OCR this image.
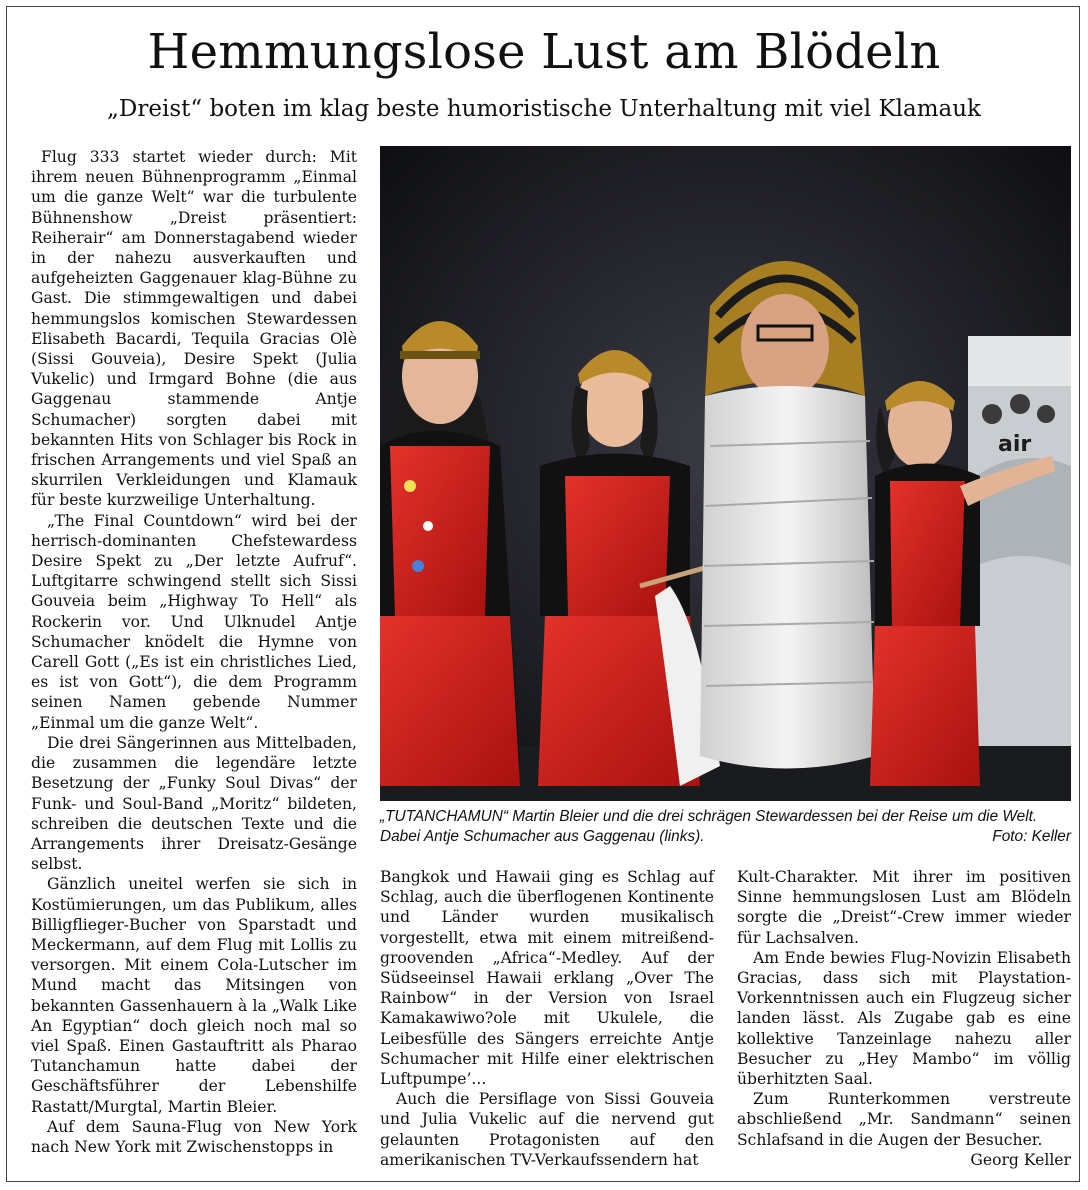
Hemmungslose Lust am Blödeln
„Dreist“ boten im klag beste humoristische Unterhaltung mit viel Klamauk

Flug 333 startet wieder durch: Mit ihrem neuen Bühnenprogramm „Einmal um die ganze Welt“ war die turbulente Bühnenshow „Dreist präsentiert: Reiherair“ am Donnerstagabend wieder in der nahezu ausverkauften und aufgeheizten Gaggenauer klag-Bühne zu Gast. Die stimmgewaltigen und dabei hemmungslos komischen Stewardessen Elisabeth Bacardi, Tequila Gracias Olè (Sissi Gouveia), Desire Spekt (Julia Vukelic) und Irmgard Bohne (die aus Gaggenau stammende Antje Schumacher) sorgten dabei mit bekannten Hits von Schlager bis Rock in frischen Arrangements und viel Spaß an skurrilen Verkleidungen und Klamauk für beste kurzweilige Unterhaltung.

„The Final Countdown“ wird bei der herrisch-dominanten Chefstewardess Desire Spekt zu „Der letzte Aufruf“. Luftgitarre schwingend stellt sich Sissi Gouveia beim „Highway To Hell“ als Rockerin vor. Und Ulknudel Antje Schumacher knödelt die Hymne von Carell Gott („Es ist ein christliches Lied, es ist von Gott“), die dem Programm seinen Namen gebende Nummer „Einmal um die ganze Welt“.

Die drei Sängerinnen aus Mittelbaden, die zusammen die legendäre letzte Besetzung der „Funky Soul Divas“ der Funk- und Soul-Band „Moritz“ bildeten, schreiben die deutschen Texte und die Arrangements ihrer Dreisatz-Gesänge selbst.

Gänzlich uneitel werfen sie sich in Kostümierungen, um das Publikum, alles Billigflieger-Bucher von Sparstadt und Meckermann, auf dem Flug mit Lollis zu versorgen. Mit einem Cola-Lutscher im Mund macht das Mitsingen von bekannten Gassenhauern à la „Walk Like An Egyptian“ doch gleich noch mal so viel Spaß. Einen Gastauftritt als Pharao Tutanchamun hatte dabei der Geschäftsführer der Lebenshilfe Rastatt/Murgtal, Martin Bleier.

Auf dem Sauna-Flug von New York nach New York mit Zwischenstopps in

air
„TUTANCHAMUN“ Martin Bleier und die drei schrägen Stewardessen bei der Reise um die Welt. Dabei Antje Schumacher aus Gaggenau (links).	Foto: Keller

Bangkok und Hawaii ging es Schlag auf Schlag, auch die überflogenen Kontinente und Länder wurden musikalisch vorgestellt, etwa mit einem mitreißend-groovenden „Africa“-Medley. Auf der Südseeinsel Hawaii erklang „Over The Rainbow“ in der Version von Israel Kamakawiwo?ole mit Ukulele, die Leibesfülle des Sängers erreichte Antje Schumacher mit Hilfe einer elektrischen Luftpumpe’...

Auch die Persiflage von Sissi Gouveia und Julia Vukelic auf die nervend gut gelaunten Protagonisten auf den amerikanischen TV-Verkaufssendern hat

Kult-Charakter. Mit ihrer im positiven Sinne hemmungslosen Lust am Blödeln sorgte die „Dreist“-Crew immer wieder für Lachsalven.

Am Ende bewies Flug-Novizin Elisabeth Gracias, dass sich mit Playstation-Vorkenntnissen auch ein Flugzeug sicher landen lässt. Als Zugabe gab es eine kollektive Tanzeinlage nahezu aller Besucher zu „Hey Mambo“ im völlig überhitzten Saal.

Zum Runterkommen verstreute abschließend „Mr. Sandmann“ seinen Schlafsand in die Augen der Besucher.

Georg Keller
